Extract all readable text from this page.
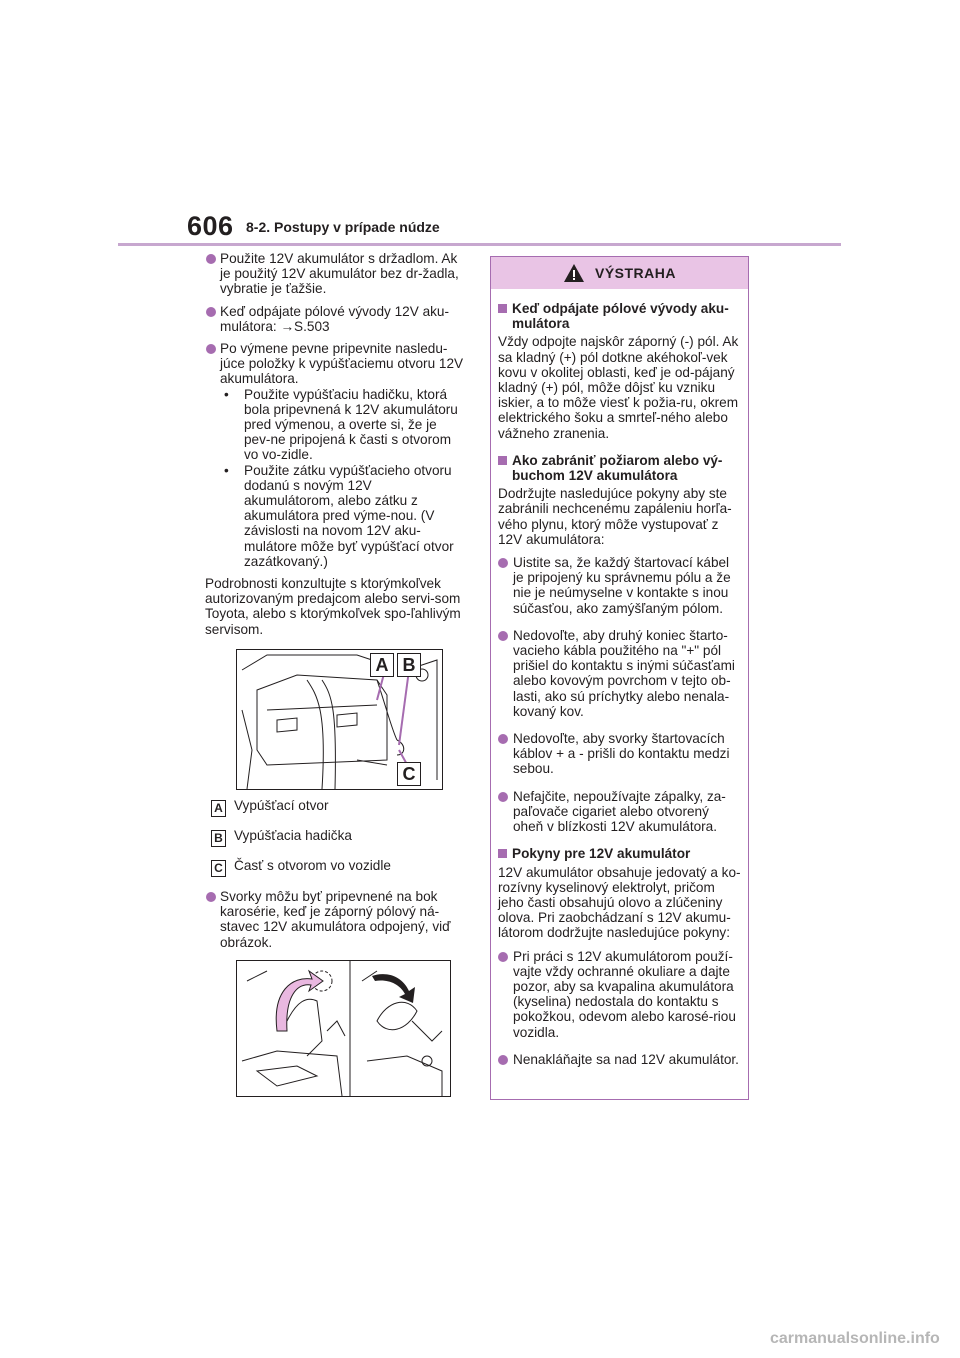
606 8-2. Postupy v prípade núdze
Použite 12V akumulátor s držadlom. Ak je použitý 12V akumulátor bez dr-žadla, vybratie je ťažšie.
Keď odpájate pólové vývody 12V aku-mulátora: →S.503
Po výmene pevne pripevnite nasledu-júce položky k vypúšťaciemu otvoru 12V akumulátora.
• Použite vypúšťaciu hadičku, ktorá bola pripevnená k 12V akumulátoru pred výmenou, a overte si, že je pev-ne pripojená k časti s otvorom vo vo-zidle.
• Použite zátku vypúšťacieho otvoru dodanú s novým 12V akumulátorom, alebo zátku z akumulátora pred výme-nou. (V závislosti na novom 12V aku-mulátore môže byť vypúšťací otvor zazátkovaný.)

Podrobnosti konzultujte s ktorýmkoľvek autorizovaným predajcom alebo servi-som Toyota, alebo s ktorýmkoľvek spo-ľahlivým servisom.

A B
C
A Vypúšťací otvor
B Vypúšťacia hadička
C Časť s otvorom vo vozidle
Svorky môžu byť pripevnené na bok karosérie, keď je záporný pólový ná-stavec 12V akumulátora odpojený, viď obrázok.
VÝSTRAHA
Keď odpájate pólové vývody aku-mulátora

Vždy odpojte najskôr záporný (-) pól. Ak sa kladný (+) pól dotkne akéhokoľ-vek kovu v okolitej oblasti, keď je od-pájaný kladný (+) pól, môže dôjsť ku vzniku iskier, a to môže viesť k požia-ru, okrem elektrického šoku a smrteľ-ného alebo vážneho zranenia.

Ako zabrániť požiarom alebo vý-buchom 12V akumulátora

Dodržujte nasledujúce pokyny aby ste zabránili nechcenému zapáleniu horľa-vého plynu, ktorý môže vystupovať z 12V akumulátora:

Uistite sa, že každý štartovací kábel je pripojený ku správnemu pólu a že nie je neúmyselne v kontakte s inou súčasťou, ako zamýšľaným pólom.
Nedovoľte, aby druhý koniec štarto-vacieho kábla použitého na "+" pól prišiel do kontaktu s inými súčasťami alebo kovovým povrchom v tejto ob-lasti, ako sú príchytky alebo nenala-kovaný kov.
Nedovoľte, aby svorky štartovacích káblov + a - prišli do kontaktu medzi sebou.
Nefajčite, nepoužívajte zápalky, za-paľovače cigariet alebo otvorený oheň v blízkosti 12V akumulátora.
Pokyny pre 12V akumulátor

12V akumulátor obsahuje jedovatý a ko-rozívny kyselinový elektrolyt, pričom jeho časti obsahujú olovo a zlúčeniny olova. Pri zaobchádzaní s 12V akumu-látorom dodržujte nasledujúce pokyny:

Pri práci s 12V akumulátorom použí-vajte vždy ochranné okuliare a dajte pozor, aby sa kvapalina akumulátora (kyselina) nedostala do kontaktu s pokožkou, odevom alebo karosé-riou vozidla.
Nenakláňajte sa nad 12V akumulátor.
carmanualsonline.info
